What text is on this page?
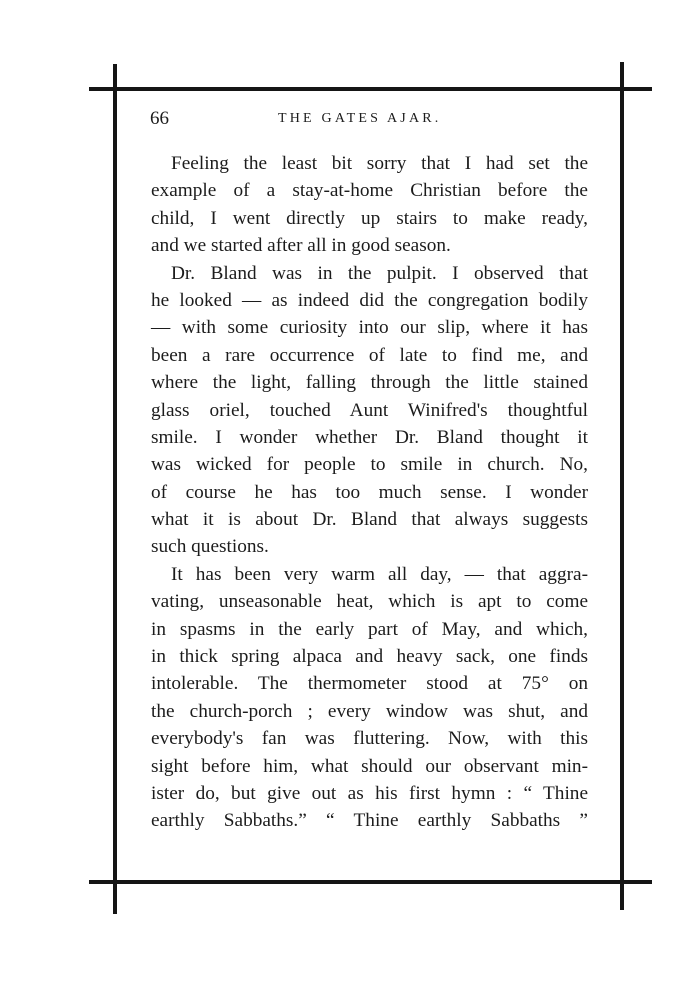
66	THE GATES AJAR.
Feeling the least bit sorry that I had set the
example of a stay-at-home Christian before the
child, I went directly up stairs to make ready,
and we started after all in good season.
Dr. Bland was in the pulpit. I observed that
he looked — as indeed did the congregation bodily
— with some curiosity into our slip, where it has
been a rare occurrence of late to find me, and
where the light, falling through the little stained
glass oriel, touched Aunt Winifred's thoughtful
smile. I wonder whether Dr. Bland thought it
was wicked for people to smile in church. No,
of course he has too much sense. I wonder
what it is about Dr. Bland that always suggests
such questions.
It has been very warm all day, — that aggra-
vating, unseasonable heat, which is apt to come
in spasms in the early part of May, and which,
in thick spring alpaca and heavy sack, one finds
intolerable. The thermometer stood at 75° on
the church-porch ; every window was shut, and
everybody's fan was fluttering. Now, with this
sight before him, what should our observant min-
ister do, but give out as his first hymn : “ Thine
earthly Sabbaths.” “ Thine earthly Sabbaths ”
